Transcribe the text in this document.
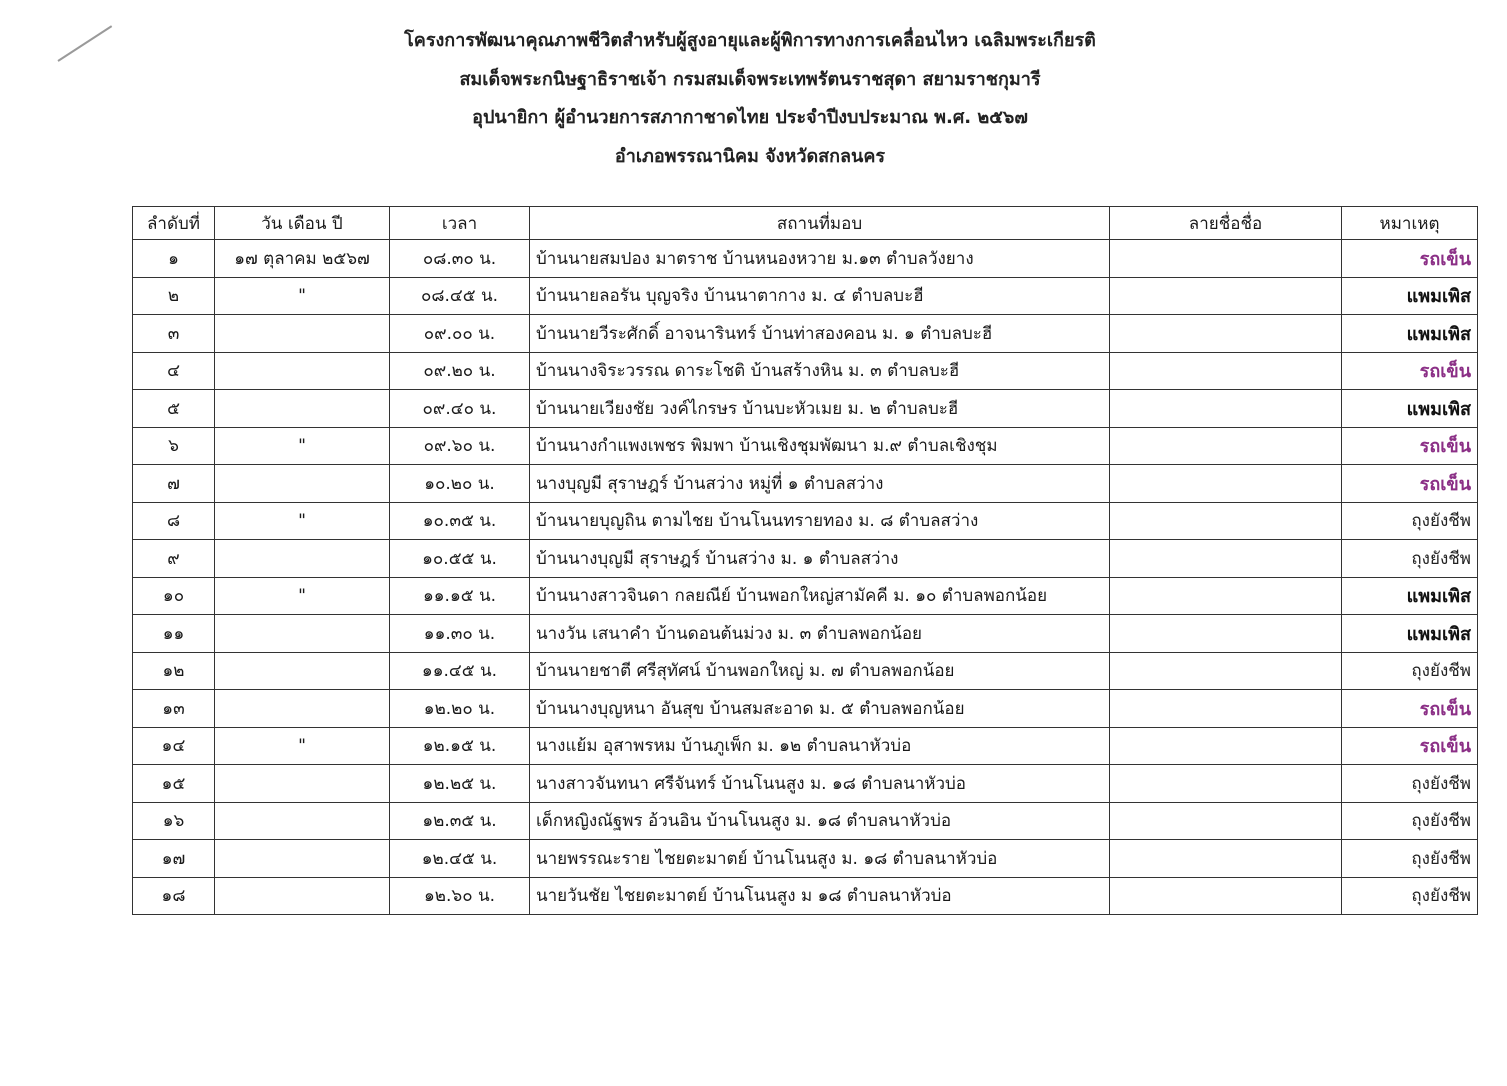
โครงการพัฒนาคุณภาพชีวิตสำหรับผู้สูงอายุและผู้พิการทางการเคลื่อนไหว เฉลิมพระเกียรติ
สมเด็จพระกนิษฐาธิราชเจ้า กรมสมเด็จพระเทพรัตนราชสุดา สยามราชกุมารี
อุปนายิกา ผู้อำนวยการสภากาชาดไทย ประจำปีงบประมาณ พ.ศ. ๒๕๖๗
อำเภอพรรณานิคม จังหวัดสกลนคร
ลำดับที่	วัน เดือน ปี	เวลา	สถานที่มอบ	ลายชื่อชื่อ	หมาเหตุ
๑	๑๗ ตุลาคม ๒๕๖๗	๐๘.๓๐ น.	บ้านนายสมปอง มาตราช บ้านหนองหวาย ม.๑๓ ตำบลวังยาง		รถเข็น
๒	"	๐๘.๔๕ น.	บ้านนายลอรัน บุญจริง บ้านนาตากาง ม. ๔ ตำบลบะฮี		แพมเพิส
๓		๐๙.๐๐ น.	บ้านนายวีระศักดิ์ อาจนารินทร์ บ้านท่าสองคอน ม. ๑ ตำบลบะฮี		แพมเพิส
๔		๐๙.๒๐ น.	บ้านนางจิระวรรณ ดาระโชติ บ้านสร้างหิน ม. ๓ ตำบลบะฮี		รถเข็น
๕		๐๙.๔๐ น.	บ้านนายเวียงชัย วงค์ไกรษร บ้านบะหัวเมย ม. ๒ ตำบลบะฮี		แพมเพิส
๖	"	๐๙.๖๐ น.	บ้านนางกำแพงเพชร พิมพา บ้านเชิงชุมพัฒนา ม.๙ ตำบลเชิงชุม		รถเข็น
๗		๑๐.๒๐ น.	นางบุญมี สุราษฎร์ บ้านสว่าง หมู่ที่ ๑ ตำบลสว่าง		รถเข็น
๘	"	๑๐.๓๕ น.	บ้านนายบุญถิน ตามไชย บ้านโนนทรายทอง ม. ๘ ตำบลสว่าง		ถุงยังชีพ
๙		๑๐.๕๕ น.	บ้านนางบุญมี สุราษฎร์ บ้านสว่าง ม. ๑ ตำบลสว่าง		ถุงยังชีพ
๑๐	"	๑๑.๑๕ น.	บ้านนางสาวจินดา กลยณีย์ บ้านพอกใหญ่สามัคคี ม. ๑๐ ตำบลพอกน้อย		แพมเพิส
๑๑		๑๑.๓๐ น.	นางวัน เสนาคำ บ้านดอนต้นม่วง ม. ๓ ตำบลพอกน้อย		แพมเพิส
๑๒		๑๑.๔๕ น.	บ้านนายชาตี ศรีสุทัศน์ บ้านพอกใหญ่ ม. ๗ ตำบลพอกน้อย		ถุงยังชีพ
๑๓		๑๒.๒๐ น.	บ้านนางบุญหนา อันสุข บ้านสมสะอาด ม. ๕ ตำบลพอกน้อย		รถเข็น
๑๔	"	๑๒.๑๕ น.	นางแย้ม อุสาพรหม บ้านภูเพ็ก ม. ๑๒ ตำบลนาหัวบ่อ		รถเข็น
๑๕		๑๒.๒๕ น.	นางสาวจันทนา ศรีจันทร์ บ้านโนนสูง ม. ๑๘ ตำบลนาหัวบ่อ		ถุงยังชีพ
๑๖		๑๒.๓๕ น.	เด็กหญิงณัฐพร อ้วนอิน บ้านโนนสูง ม. ๑๘ ตำบลนาหัวบ่อ		ถุงยังชีพ
๑๗		๑๒.๔๕ น.	นายพรรณะราย ไชยตะมาตย์ บ้านโนนสูง ม. ๑๘ ตำบลนาหัวบ่อ		ถุงยังชีพ
๑๘		๑๒.๖๐ น.	นายวันชัย ไชยตะมาตย์ บ้านโนนสูง ม ๑๘ ตำบลนาหัวบ่อ		ถุงยังชีพ
